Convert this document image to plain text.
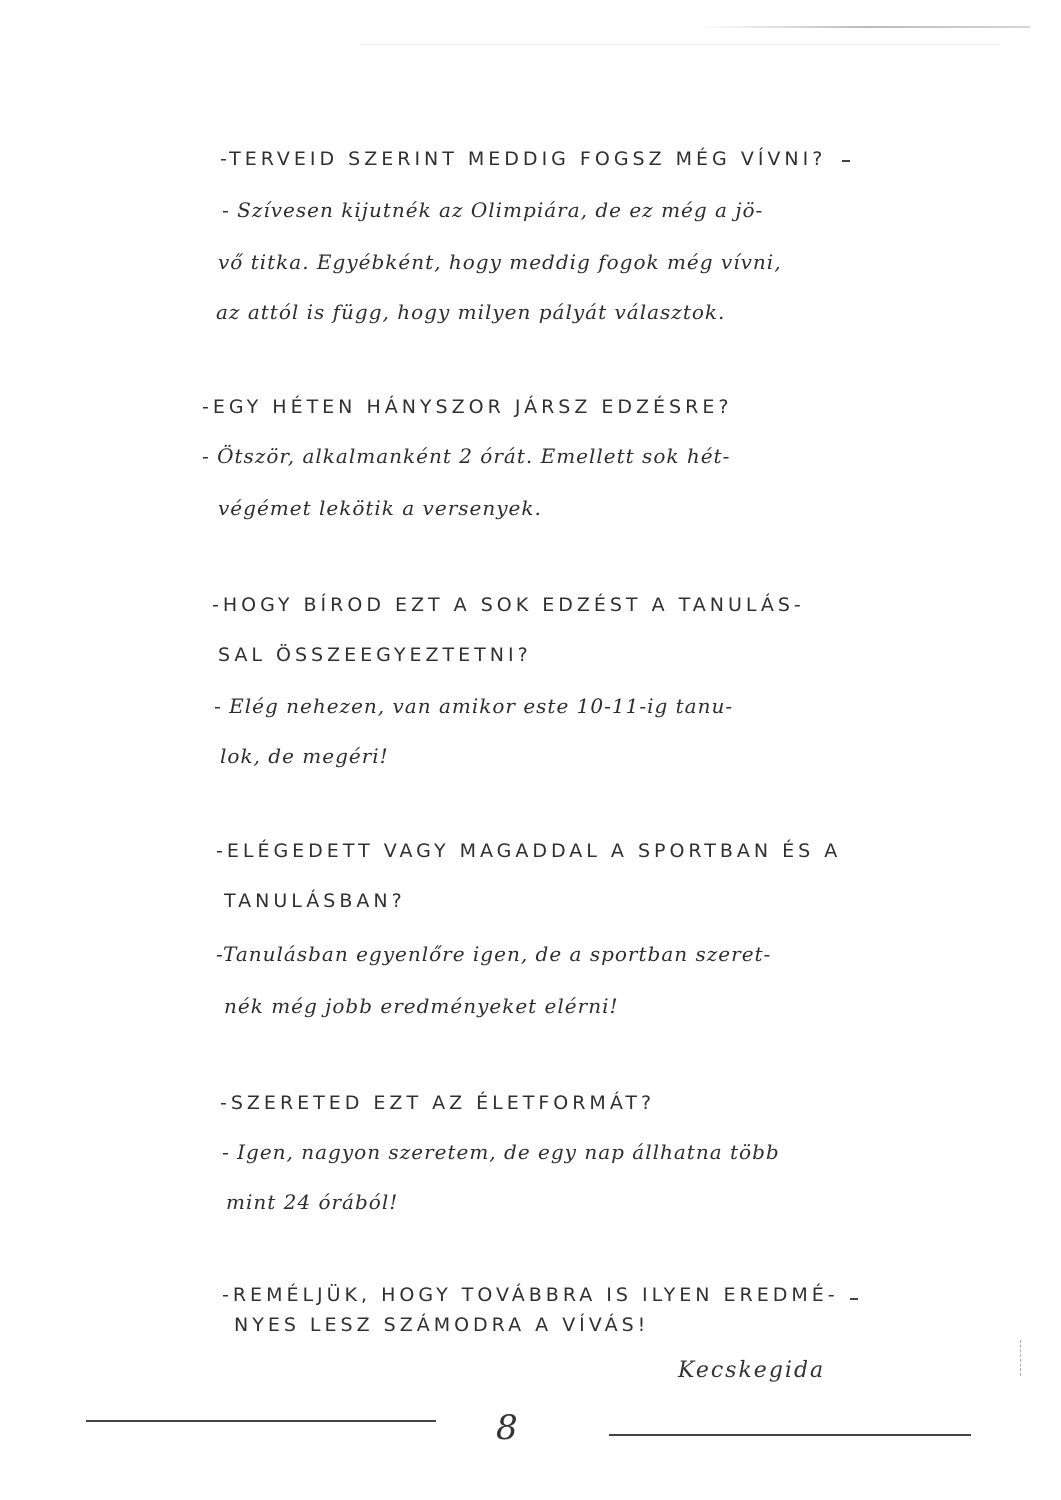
-TERVEID SZERINT MEDDIG FOGSZ MÉG VÍVNI?
- Szívesen kijutnék az Olimpiára, de ez még a jö-
vő titka. Egyébként, hogy meddig fogok még vívni,
az attól is függ, hogy milyen pályát választok.
-EGY HÉTEN HÁNYSZOR JÁRSZ EDZÉSRE?
- Ötször, alkalmanként 2 órát. Emellett sok hét-
végémet lekötik a versenyek.
-HOGY BÍROD EZT A SOK EDZÉST A TANULÁS-
SAL ÖSSZEEGYEZTETNI?
- Elég nehezen, van amikor este 10-11-ig tanu-
lok, de megéri!
-ELÉGEDETT VAGY MAGADDAL A SPORTBAN ÉS A
TANULÁSBAN?
-Tanulásban egyenlőre igen, de a sportban szeret-
nék még jobb eredményeket elérni!
-SZERETED EZT AZ ÉLETFORMÁT?
- Igen, nagyon szeretem, de egy nap állhatna több
mint 24 órából!
-REMÉLJÜK, HOGY TOVÁBBRA IS ILYEN EREDMÉ-
NYES LESZ SZÁMODRA A VÍVÁS!
Kecskegida
8
